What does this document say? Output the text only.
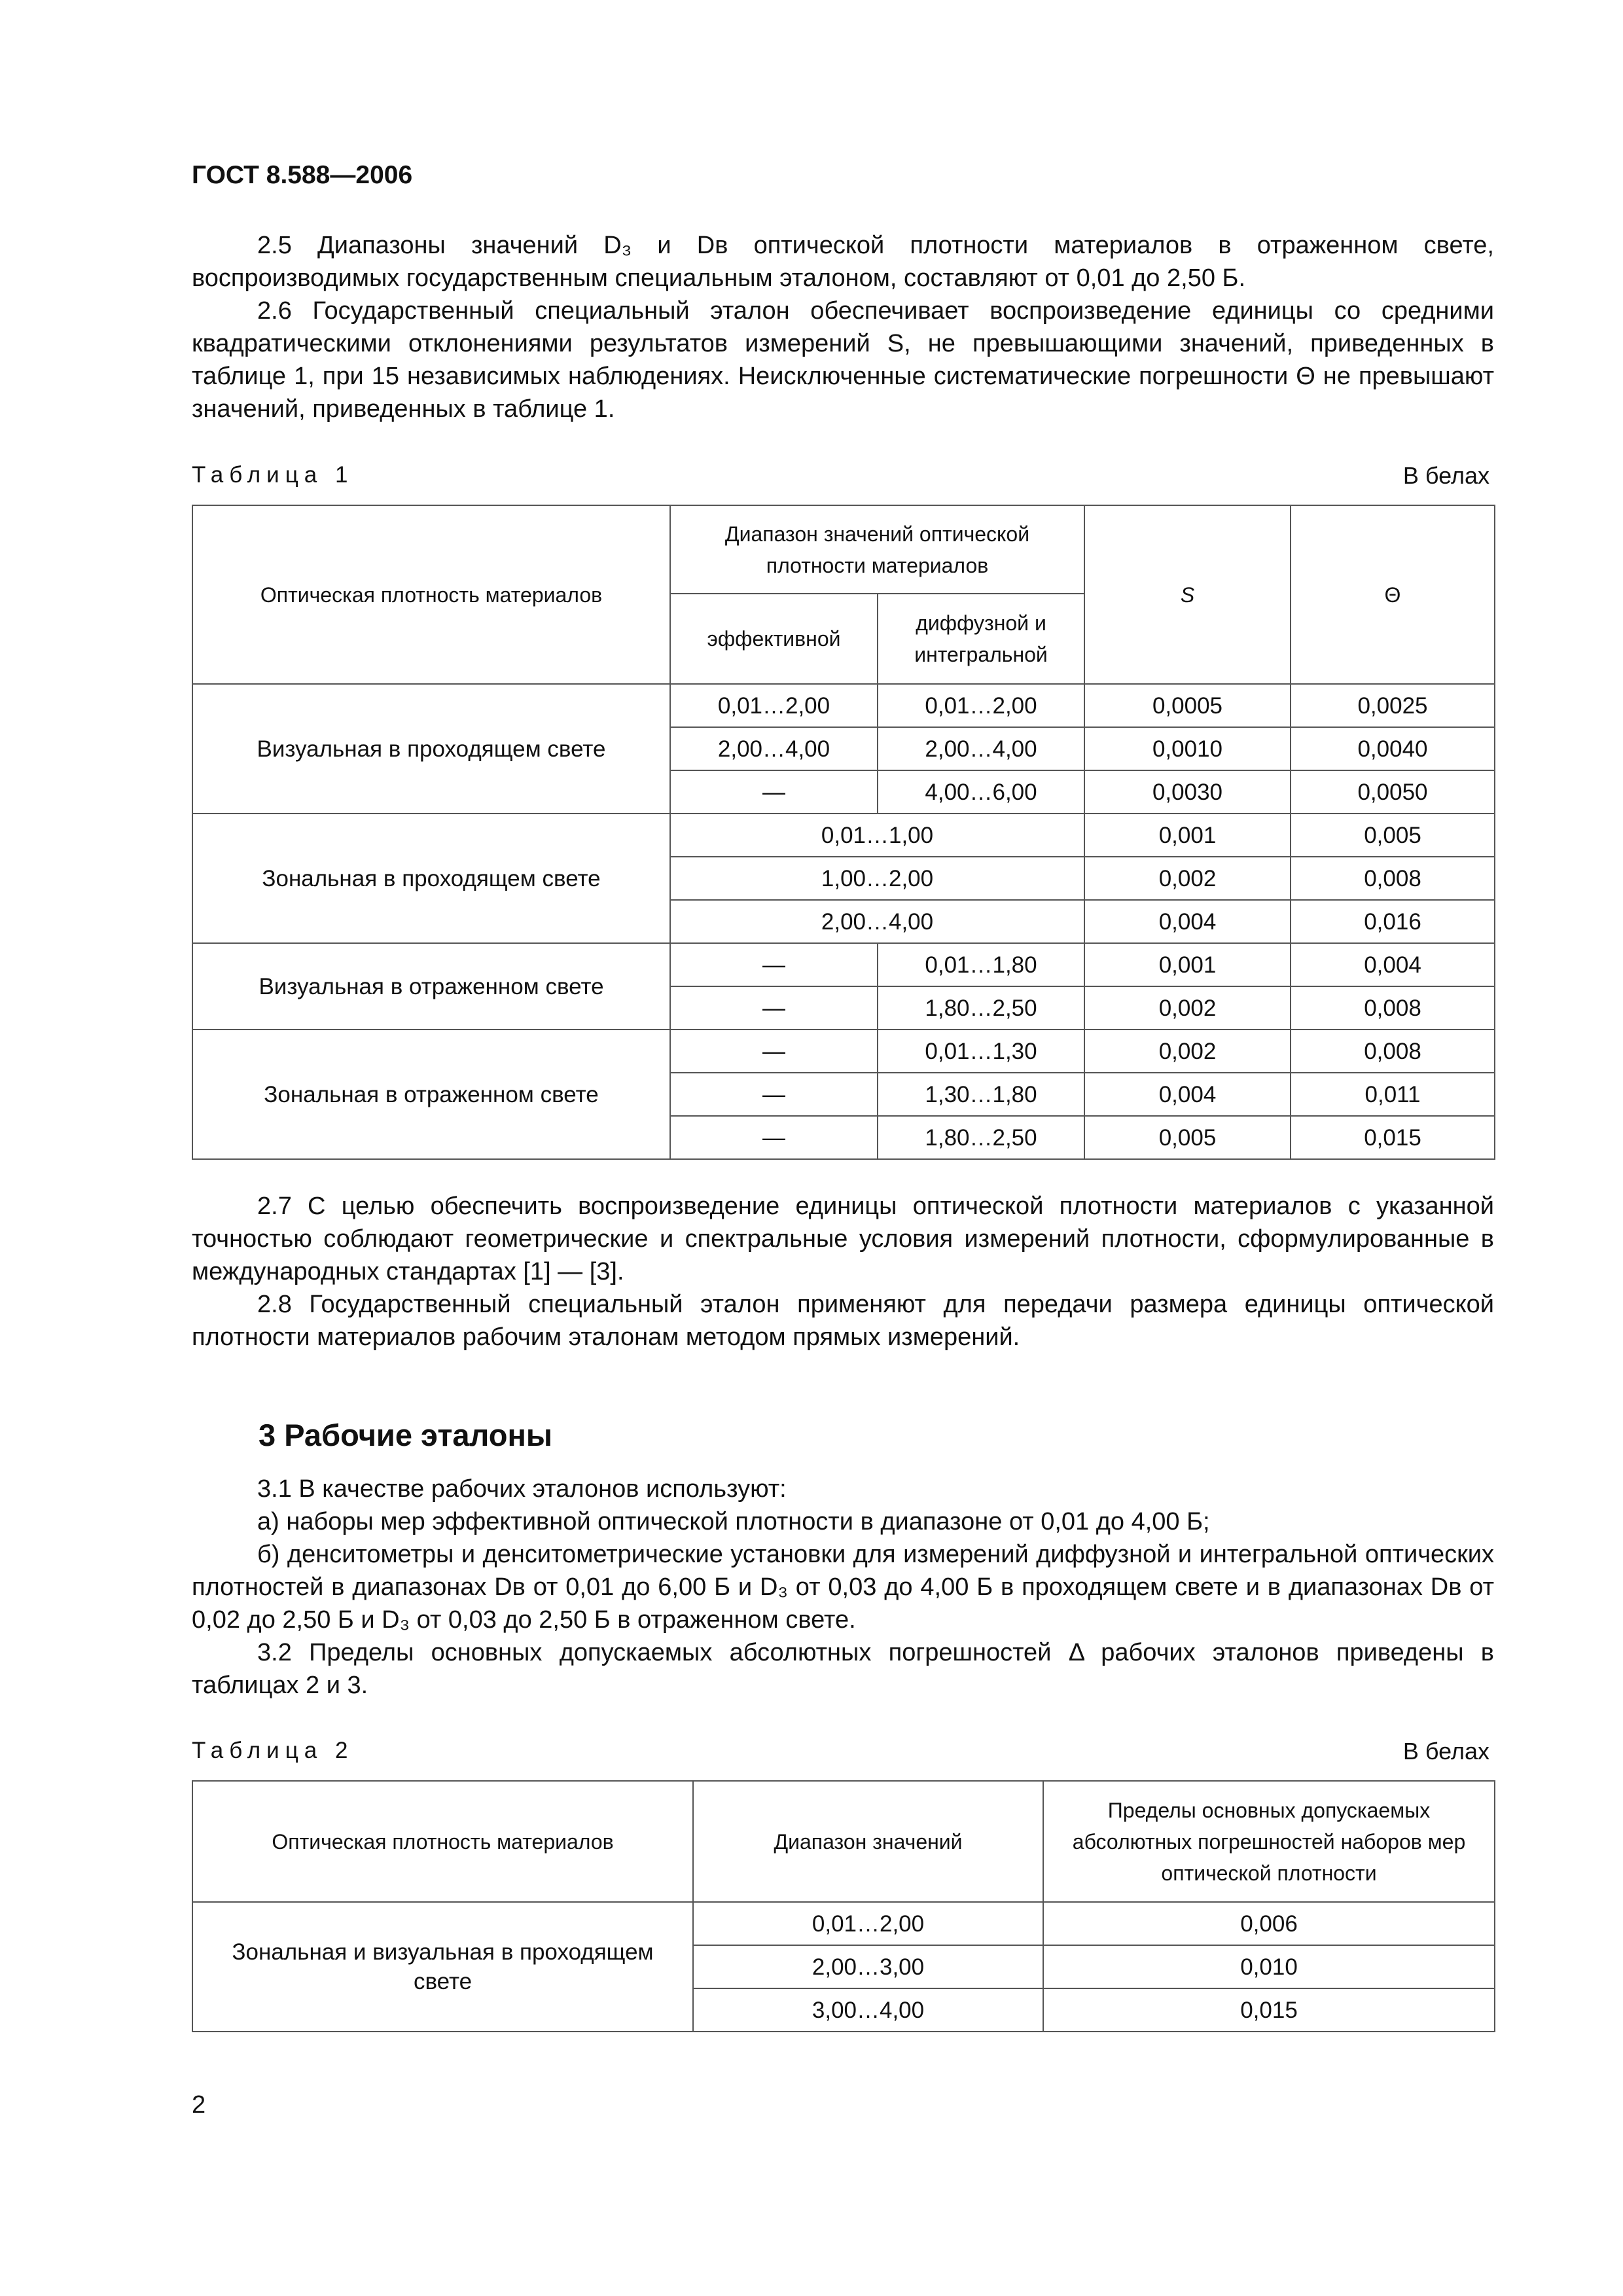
ГОСТ 8.588—2006

2.5 Диапазоны значений D₃ и Dв оптической плотности материалов в отраженном свете, воспроизводимых государственным специальным эталоном, составляют от 0,01 до 2,50 Б.

2.6 Государственный специальный эталон обеспечивает воспроизведение единицы со средними квадратическими отклонениями результатов измерений S, не превышающими значений, приведенных в таблице 1, при 15 независимых наблюдениях. Неисключенные систематические погрешности Θ не превышают значений, приведенных в таблице 1.

Таблица 1	В белах
Оптическая плотность материалов	Диапазон значений оптической плотности материалов		S	Θ
	эффективной	диффузной и интегральной		
Визуальная в проходящем свете	0,01…2,00	0,01…2,00	0,0005	0,0025
	2,00…4,00	2,00…4,00	0,0010	0,0040
	—	4,00…6,00	0,0030	0,0050
Зональная в проходящем свете	0,01…1,00		0,001	0,005
	1,00…2,00		0,002	0,008
	2,00…4,00		0,004	0,016
Визуальная в отраженном свете	—	0,01…1,80	0,001	0,004
	—	1,80…2,50	0,002	0,008
Зональная в отраженном свете	—	0,01…1,30	0,002	0,008
	—	1,30…1,80	0,004	0,011
	—	1,80…2,50	0,005	0,015

2.7 С целью обеспечить воспроизведение единицы оптической плотности материалов с указанной точностью соблюдают геометрические и спектральные условия измерений плотности, сформулированные в международных стандартах [1] — [3].

2.8 Государственный специальный эталон применяют для передачи размера единицы оптической плотности материалов рабочим эталонам методом прямых измерений.

3 Рабочие эталоны

3.1 В качестве рабочих эталонов используют:

а) наборы мер эффективной оптической плотности в диапазоне от 0,01 до 4,00 Б;

б) денситометры и денситометрические установки для измерений диффузной и интегральной оптических плотностей в диапазонах Dв от 0,01 до 6,00 Б и D₃ от 0,03 до 4,00 Б в проходящем свете и в диапазонах Dв от 0,02 до 2,50 Б и D₃ от 0,03 до 2,50 Б в отраженном свете.

3.2 Пределы основных допускаемых абсолютных погрешностей Δ рабочих эталонов приведены в таблицах 2 и 3.

Таблица 2	В белах
Оптическая плотность материалов	Диапазон значений	Пределы основных допускаемых абсолютных погрешностей наборов мер оптической плотности
Зональная и визуальная в проходящем свете	0,01…2,00	0,006
	2,00…3,00	0,010
	3,00…4,00	0,015
2
